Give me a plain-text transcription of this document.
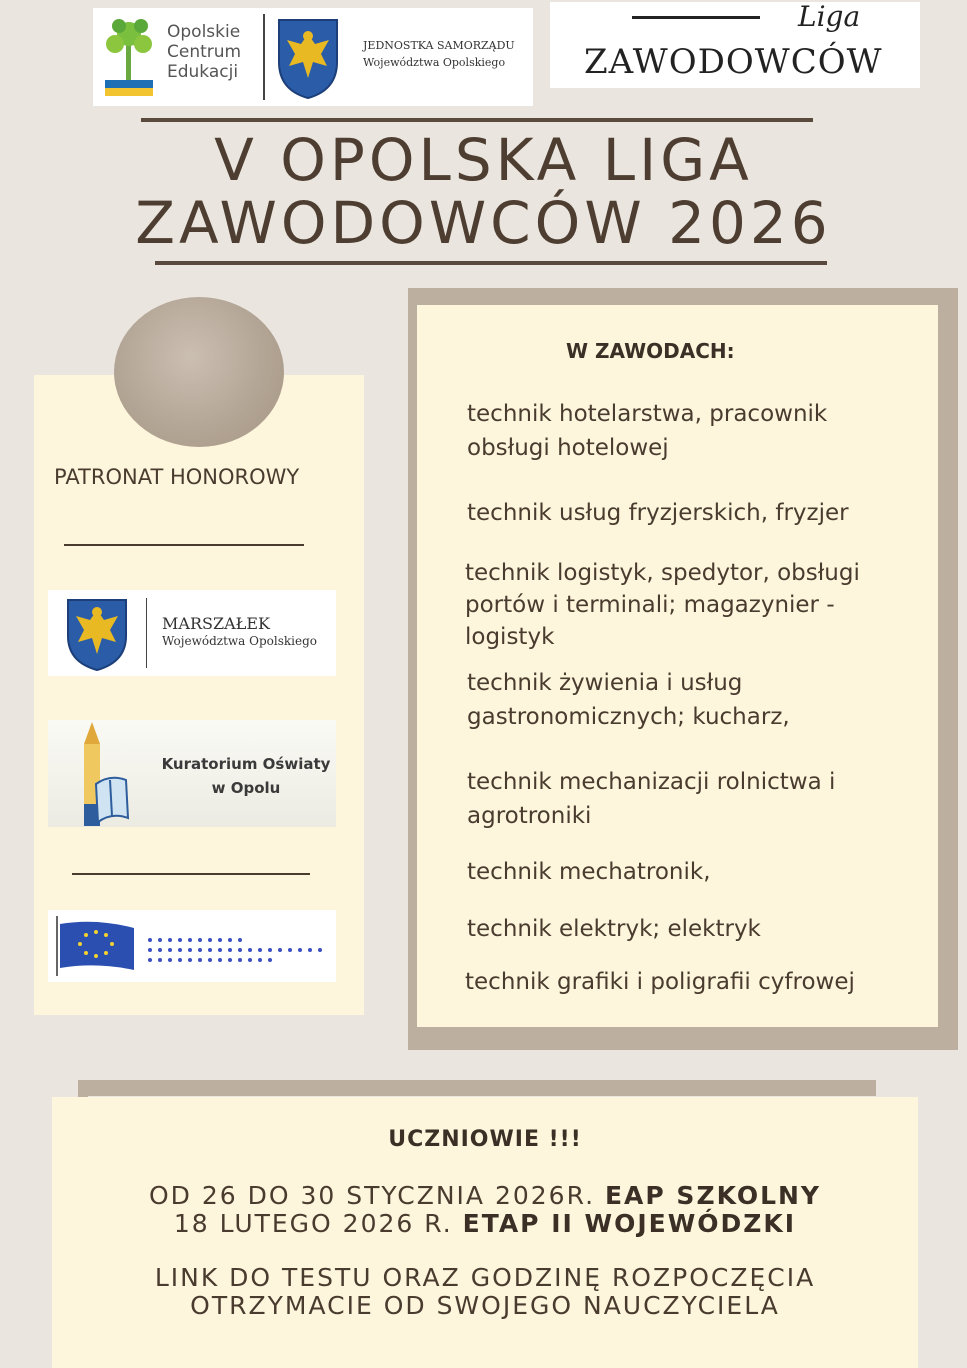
Opolskie
Centrum
Edukacji
JEDNOSTKA SAMORZĄDU
Województwa Opolskiego
Liga
ZAWODOWCÓW
V OPOLSKA LIGA
ZAWODOWCÓW 2026
PATRONAT HONOROWY
MARSZAŁEK
Województwa Opolskiego
Kuratorium Oświaty
w Opolu
W ZAWODACH:
technik hotelarstwa, pracownik
obsługi hotelowej
technik usług fryzjerskich, fryzjer
technik logistyk, spedytor, obsługi
portów i terminali; magazynier -
logistyk
technik żywienia i usług
gastronomicznych; kucharz,
technik mechanizacji rolnictwa i
agrotroniki
technik mechatronik,
technik elektryk; elektryk
technik grafiki i poligrafii cyfrowej
UCZNIOWIE !!!
OD 26 DO 30 STYCZNIA 2026R. EAP SZKOLNY
18 LUTEGO 2026 R. ETAP II WOJEWÓDZKI
LINK DO TESTU ORAZ GODZINĘ ROZPOCZĘCIA
OTRZYMACIE OD SWOJEGO NAUCZYCIELA
